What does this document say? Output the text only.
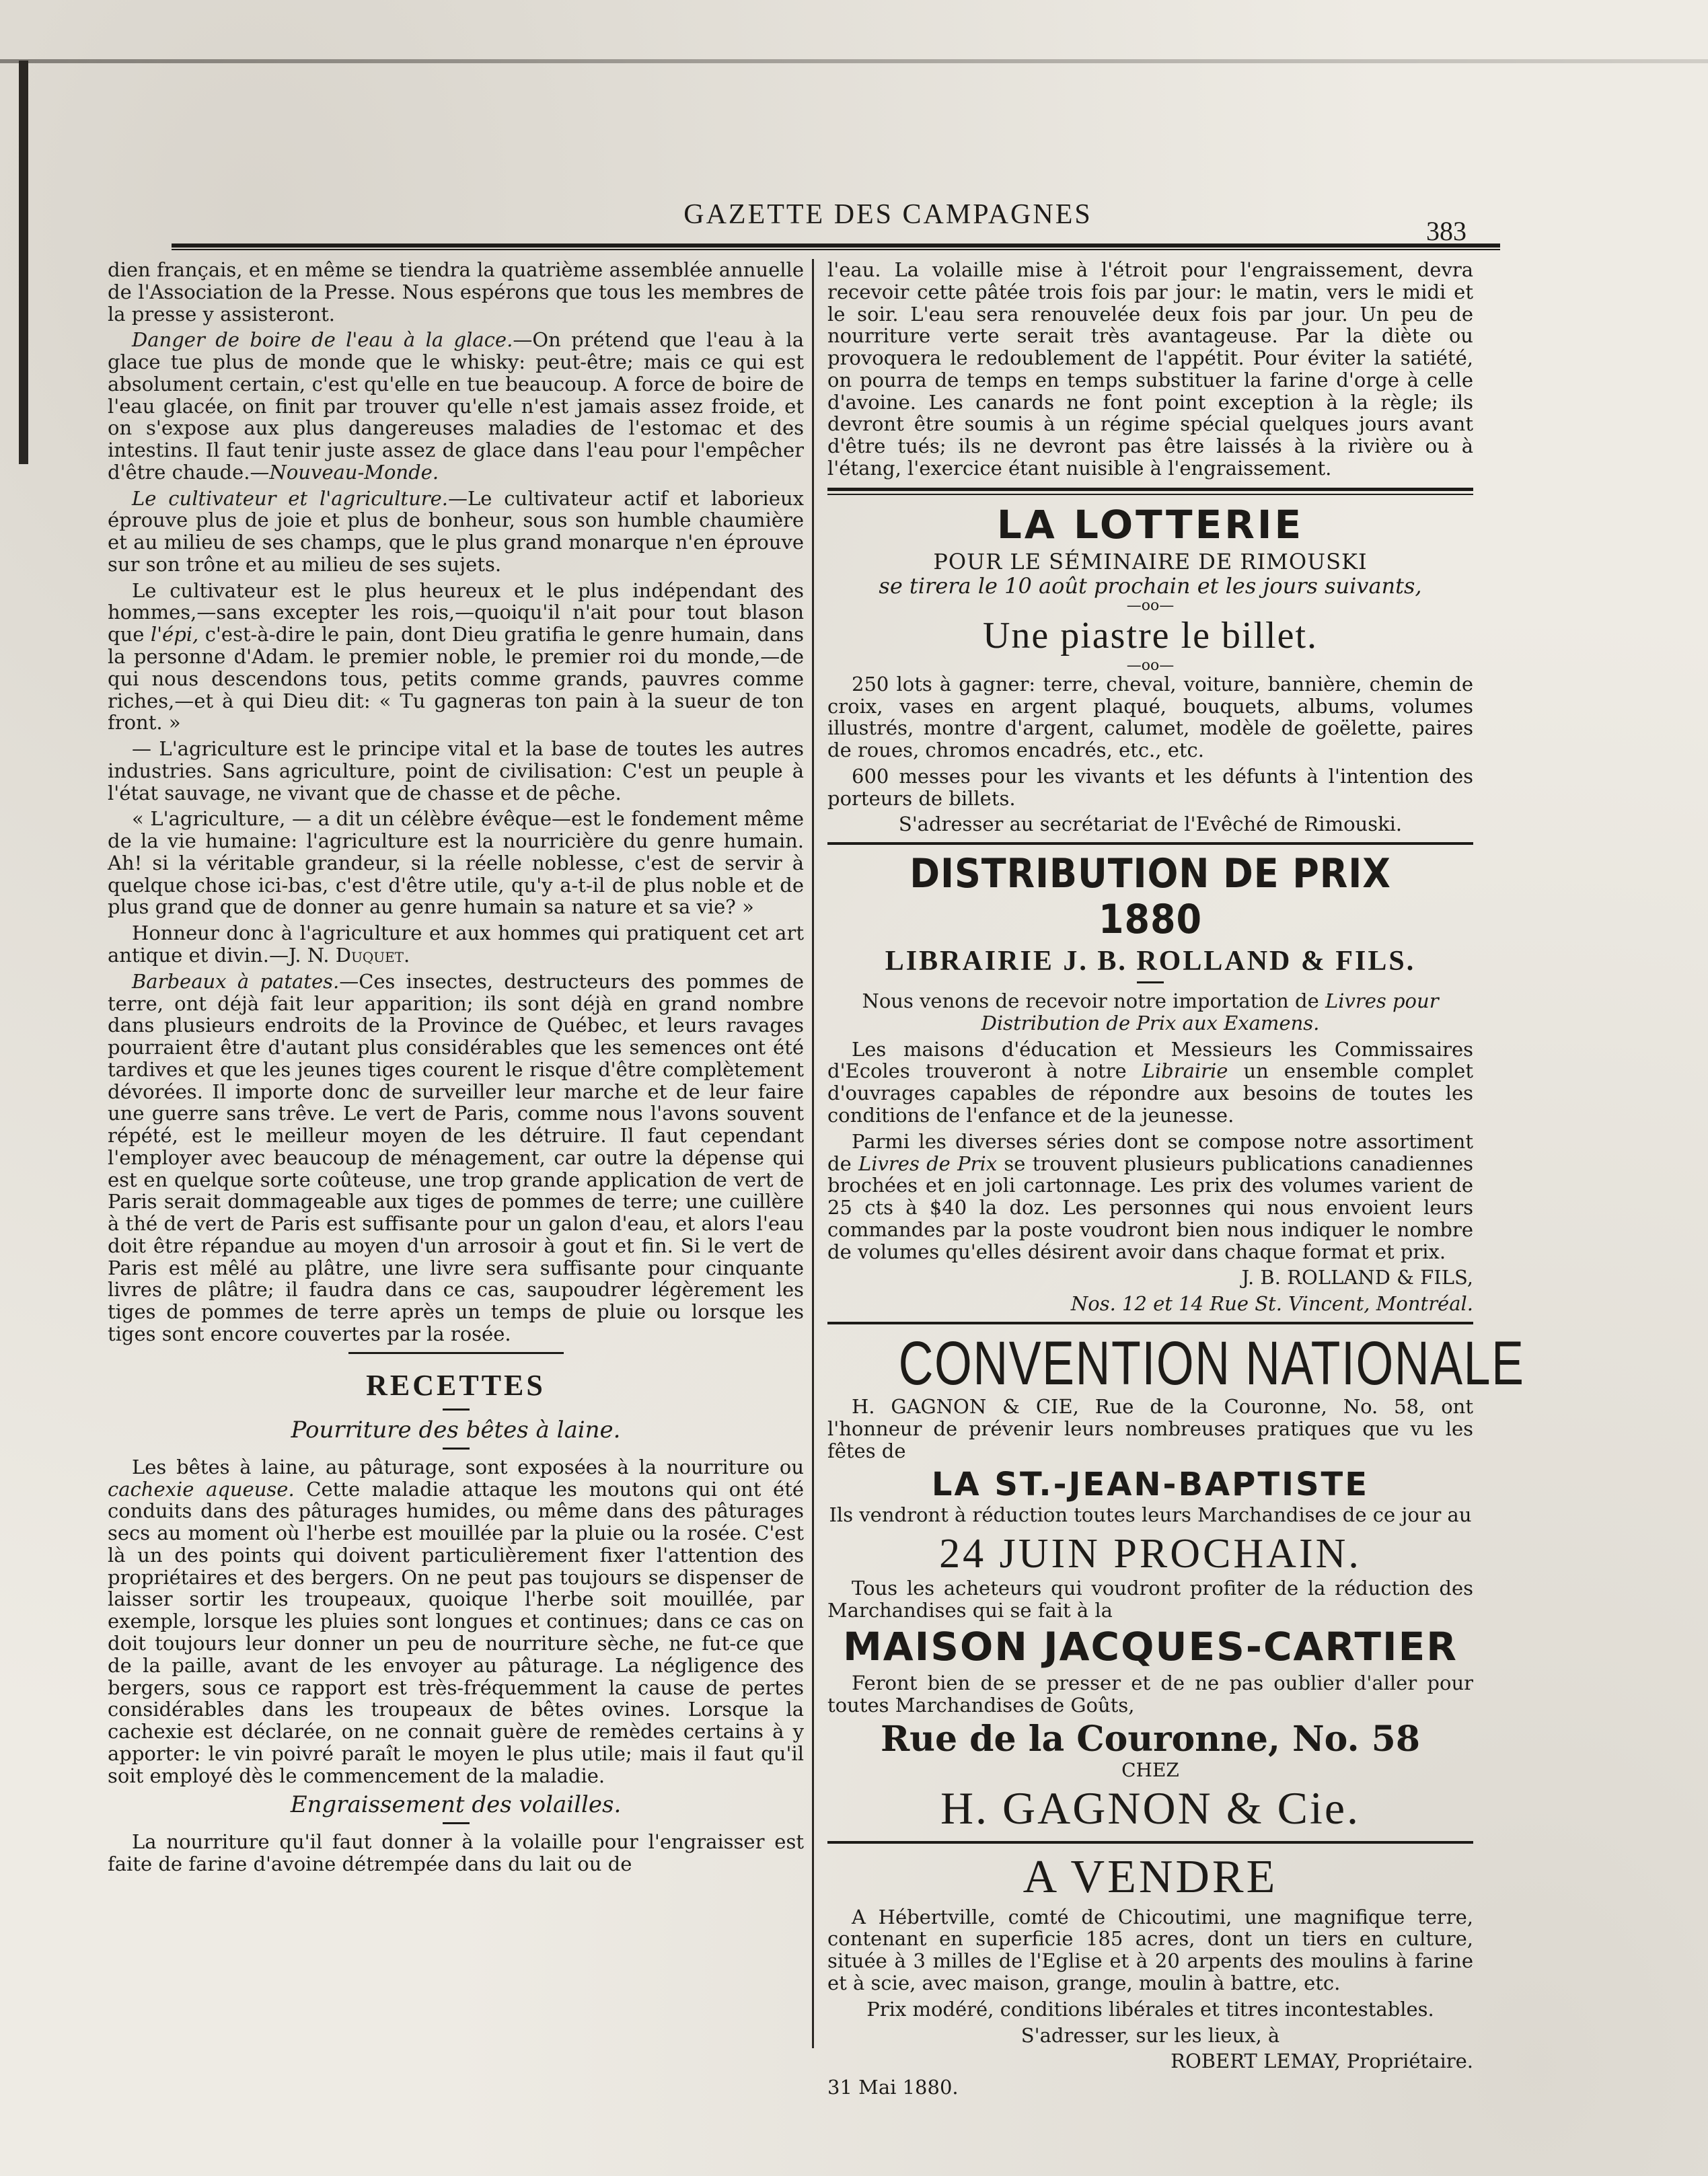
GAZETTE DES CAMPAGNES
383

dien français, et en même se tiendra la quatrième assemblée annuelle de l'Association de la Presse. Nous espérons que tous les membres de la presse y assisteront.

Danger de boire de l'eau à la glace.—On prétend que l'eau à la glace tue plus de monde que le whisky: peut-être; mais ce qui est absolument certain, c'est qu'elle en tue beaucoup. A force de boire de l'eau glacée, on finit par trouver qu'elle n'est jamais assez froide, et on s'expose aux plus dangereuses maladies de l'estomac et des intestins. Il faut tenir juste assez de glace dans l'eau pour l'empêcher d'être chaude.—Nouveau-Monde.

Le cultivateur et l'agriculture.—Le cultivateur actif et laborieux éprouve plus de joie et plus de bonheur, sous son humble chaumière et au milieu de ses champs, que le plus grand monarque n'en éprouve sur son trône et au milieu de ses sujets.

Le cultivateur est le plus heureux et le plus indépendant des hommes,—sans excepter les rois,—quoiqu'il n'ait pour tout blason que l'épi, c'est-à-dire le pain, dont Dieu gratifia le genre humain, dans la personne d'Adam. le premier noble, le premier roi du monde,—de qui nous descendons tous, petits comme grands, pauvres comme riches,—et à qui Dieu dit: « Tu gagneras ton pain à la sueur de ton front. »

— L'agriculture est le principe vital et la base de toutes les autres industries. Sans agriculture, point de civilisation: C'est un peuple à l'état sauvage, ne vivant que de chasse et de pêche.

« L'agriculture, — a dit un célèbre évêque—est le fondement même de la vie humaine: l'agriculture est la nourricière du genre humain. Ah! si la véritable grandeur, si la réelle noblesse, c'est de servir à quelque chose ici-bas, c'est d'être utile, qu'y a-t-il de plus noble et de plus grand que de donner au genre humain sa nature et sa vie? »

Honneur donc à l'agriculture et aux hommes qui pratiquent cet art antique et divin.—J. N. Duquet.

Barbeaux à patates.—Ces insectes, destructeurs des pommes de terre, ont déjà fait leur apparition; ils sont déjà en grand nombre dans plusieurs endroits de la Province de Québec, et leurs ravages pourraient être d'autant plus considérables que les semences ont été tardives et que les jeunes tiges courent le risque d'être complètement dévorées. Il importe donc de surveiller leur marche et de leur faire une guerre sans trêve. Le vert de Paris, comme nous l'avons souvent répété, est le meilleur moyen de les détruire. Il faut cependant l'employer avec beaucoup de ménagement, car outre la dépense qui est en quelque sorte coûteuse, une trop grande application de vert de Paris serait dommageable aux tiges de pommes de terre; une cuillère à thé de vert de Paris est suffisante pour un galon d'eau, et alors l'eau doit être répandue au moyen d'un arrosoir à gout et fin. Si le vert de Paris est mêlé au plâtre, une livre sera suffisante pour cinquante livres de plâtre; il faudra dans ce cas, saupoudrer légèrement les tiges de pommes de terre après un temps de pluie ou lorsque les tiges sont encore couvertes par la rosée.

RECETTES
Pourriture des bêtes à laine.

Les bêtes à laine, au pâturage, sont exposées à la nourriture ou cachexie aqueuse. Cette maladie attaque les moutons qui ont été conduits dans des pâturages humides, ou même dans des pâturages secs au moment où l'herbe est mouillée par la pluie ou la rosée. C'est là un des points qui doivent particulièrement fixer l'attention des propriétaires et des bergers. On ne peut pas toujours se dispenser de laisser sortir les troupeaux, quoique l'herbe soit mouillée, par exemple, lorsque les pluies sont longues et continues; dans ce cas on doit toujours leur donner un peu de nourriture sèche, ne fut-ce que de la paille, avant de les envoyer au pâturage. La négligence des bergers, sous ce rapport est très-fréquemment la cause de pertes considérables dans les troupeaux de bêtes ovines. Lorsque la cachexie est déclarée, on ne connait guère de remèdes certains à y apporter: le vin poivré paraît le moyen le plus utile; mais il faut qu'il soit employé dès le commencement de la maladie.

Engraissement des volailles.

La nourriture qu'il faut donner à la volaille pour l'engraisser est faite de farine d'avoine détrempée dans du lait ou de

l'eau. La volaille mise à l'étroit pour l'engraissement, devra recevoir cette pâtée trois fois par jour: le matin, vers le midi et le soir. L'eau sera renouvelée deux fois par jour. Un peu de nourriture verte serait très avantageuse. Par la diète ou provoquera le redoublement de l'appétit. Pour éviter la satiété, on pourra de temps en temps substituer la farine d'orge à celle d'avoine. Les canards ne font point exception à la règle; ils devront être soumis à un régime spécial quelques jours avant d'être tués; ils ne devront pas être laissés à la rivière ou à l'étang, l'exercice étant nuisible à l'engraissement.

LA LOTTERIE
POUR LE SÉMINAIRE DE RIMOUSKI
se tirera le 10 août prochain et les jours suivants,
—oo—
Une piastre le billet.
—oo—

250 lots à gagner: terre, cheval, voiture, bannière, chemin de croix, vases en argent plaqué, bouquets, albums, volumes illustrés, montre d'argent, calumet, modèle de goëlette, paires de roues, chromos encadrés, etc., etc.

600 messes pour les vivants et les défunts à l'intention des porteurs de billets.

S'adresser au secrétariat de l'Evêché de Rimouski.

DISTRIBUTION DE PRIX 1880
LIBRAIRIE J. B. ROLLAND & FILS.

Nous venons de recevoir notre importation de Livres pour Distribution de Prix aux Examens.

Les maisons d'éducation et Messieurs les Commissaires d'Ecoles trouveront à notre Librairie un ensemble complet d'ouvrages capables de répondre aux besoins de toutes les conditions de l'enfance et de la jeunesse.

Parmi les diverses séries dont se compose notre assortiment de Livres de Prix se trouvent plusieurs publications canadiennes brochées et en joli cartonnage. Les prix des volumes varient de 25 cts à $40 la doz. Les personnes qui nous envoient leurs commandes par la poste voudront bien nous indiquer le nombre de volumes qu'elles désirent avoir dans chaque format et prix.

J. B. ROLLAND & FILS,

Nos. 12 et 14 Rue St. Vincent, Montréal.

CONVENTION NATIONALE

H. GAGNON & CIE, Rue de la Couronne, No. 58, ont l'honneur de prévenir leurs nombreuses pratiques que vu les fêtes de

LA ST.-JEAN-BAPTISTE

Ils vendront à réduction toutes leurs Marchandises de ce jour au

24 JUIN PROCHAIN.

Tous les acheteurs qui voudront profiter de la réduction des Marchandises qui se fait à la

MAISON JACQUES-CARTIER

Feront bien de se presser et de ne pas oublier d'aller pour toutes Marchandises de Goûts,

Rue de la Couronne, No. 58
CHEZ
H. GAGNON & Cie.
A VENDRE

A Hébertville, comté de Chicoutimi, une magnifique terre, contenant en superficie 185 acres, dont un tiers en culture, située à 3 milles de l'Eglise et à 20 arpents des moulins à farine et à scie, avec maison, grange, moulin à battre, etc.

Prix modéré, conditions libérales et titres incontestables.

S'adresser, sur les lieux, à

ROBERT LEMAY, Propriétaire.

31 Mai 1880.
